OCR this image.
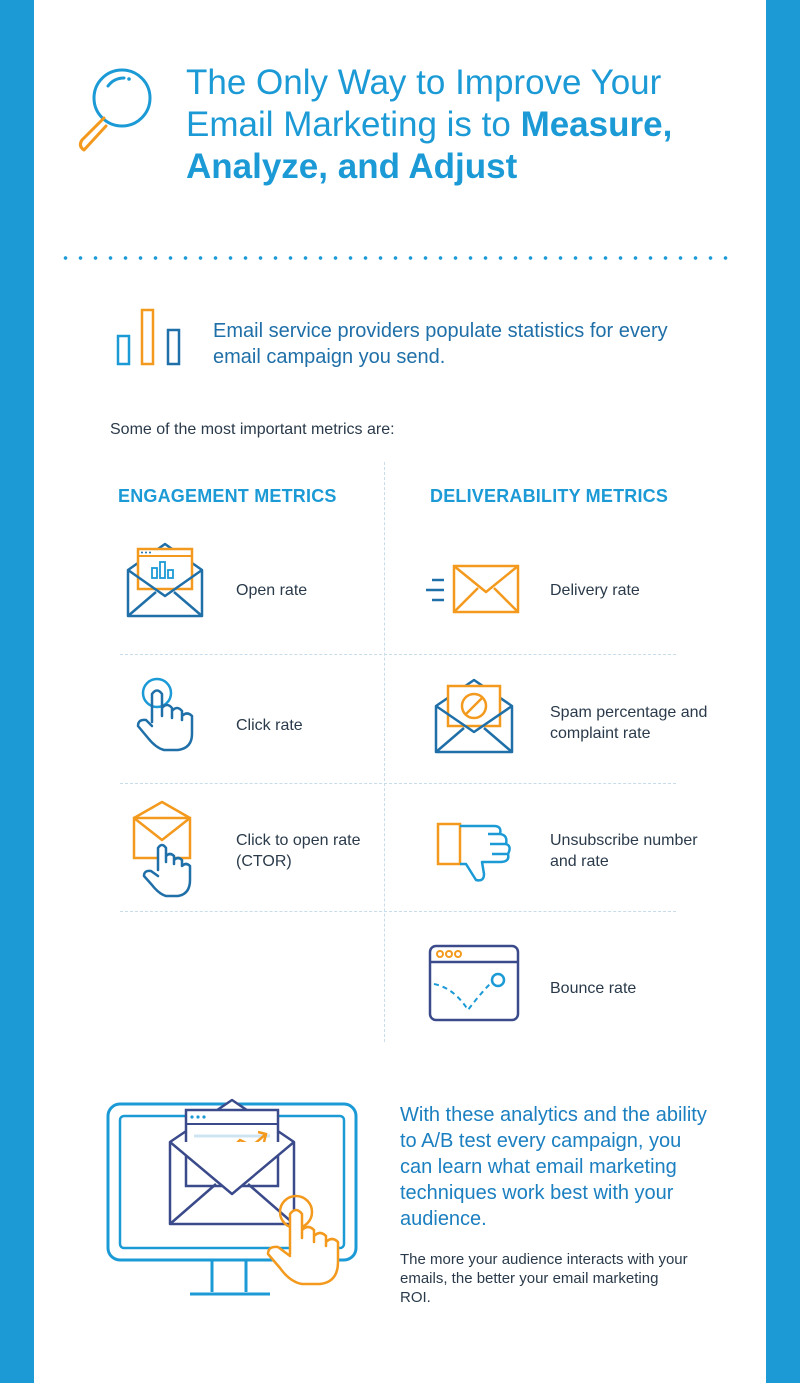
The Only Way to Improve Your Email Marketing is to Measure, Analyze, and Adjust
Email service providers populate statistics for every email campaign you send.
Some of the most important metrics are:
ENGAGEMENT METRICS	DELIVERABILITY METRICS
Open rate
Click rate
Click to open rate (CTOR)
Delivery rate
Spam percentage and complaint rate
Unsubscribe number and rate
Bounce rate
With these analytics and the ability to A/B test every campaign, you can learn what email marketing techniques work best with your audience.
The more your audience interacts with your emails, the better your email marketing ROI.
